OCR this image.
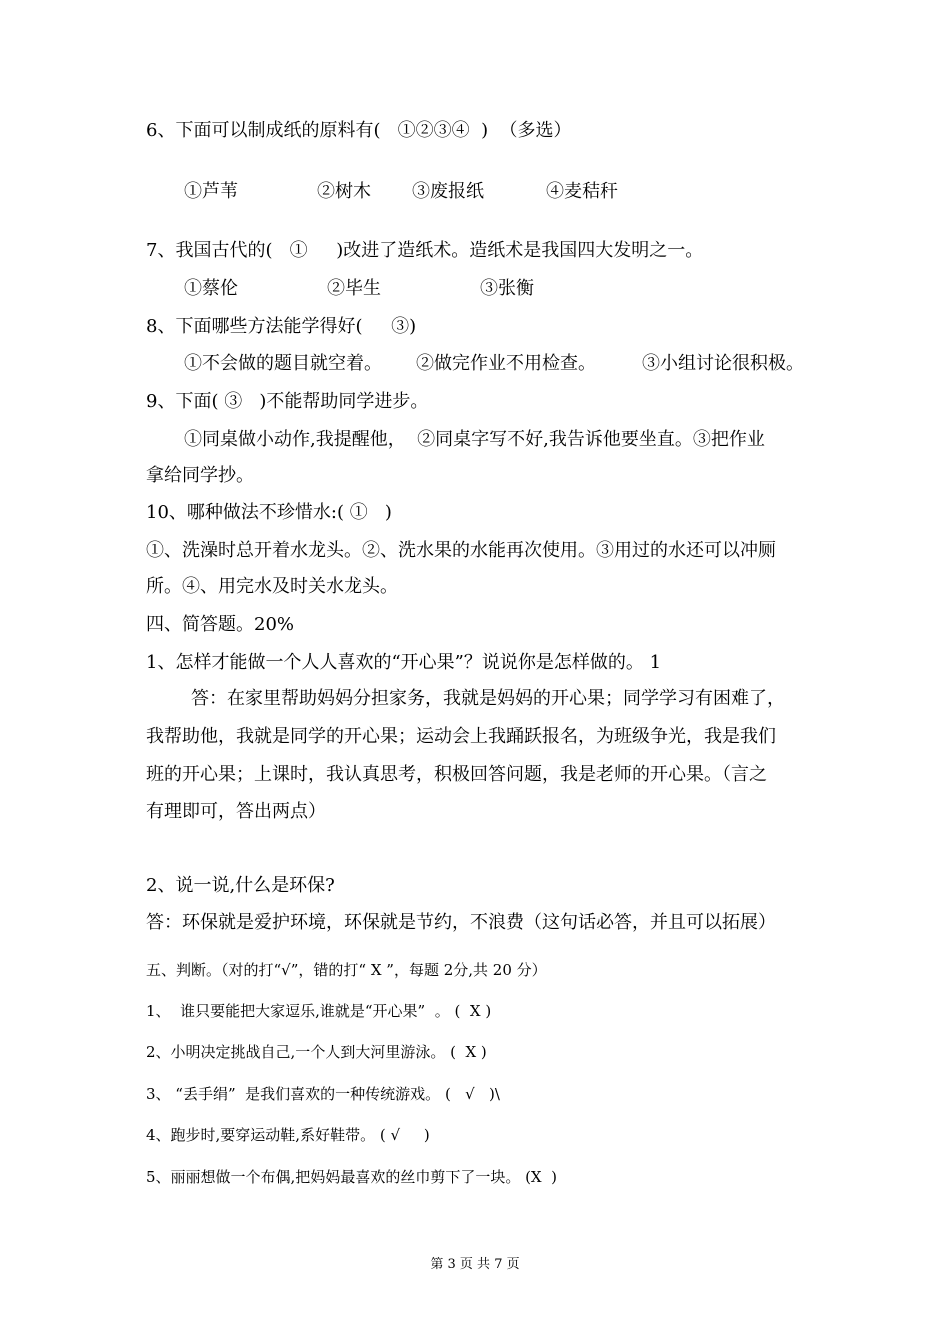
6、下面可以制成纸的原料有(   ①②③④  )  （多选）
①芦苇	②树木 ③废报纸	④麦秸秆
7、我国古代的(   ①     )改进了造纸术。造纸术是我国四大发明之一。
①蔡伦	②毕生	③张衡
8、下面哪些方法能学得好(     ③)
①不会做的题目就空着。 ②做完作业不用检查。	③小组讨论很积极。
9、下面( ③   )不能帮助同学进步。
①同桌做小动作,我提醒他，  ②同桌字写不好,我告诉他要坐直。③把作业
拿给同学抄。
10、哪种做法不珍惜水:( ①   )
①、洗澡时总开着水龙头。②、洗水果的水能再次使用。③用过的水还可以冲厕
所。④、用完水及时关水龙头。
四、简答题。20%
1、怎样才能做一个人人喜欢的“开心果”？说说你是怎样做的。 1
答：在家里帮助妈妈分担家务，我就是妈妈的开心果；同学学习有困难了，
我帮助他，我就是同学的开心果；运动会上我踊跃报名，为班级争光，我是我们
班的开心果；上课时，我认真思考，积极回答问题，我是老师的开心果。（言之
有理即可，答出两点）
2、说一说,什么是环保?
答：环保就是爱护环境，环保就是节约，不浪费（这句话必答，并且可以拓展）
五、判断。（对的打“√”，错的打“ X ”，每题 2分,共 20 分）
1、  谁只要能把大家逗乐,谁就是“开心果”  。 (  X )
2、小明决定挑战自己,一个人到大河里游泳。 (  X )
3、 “丢手绢”  是我们喜欢的一种传统游戏。 (   √   )\
4、跑步时,要穿运动鞋,系好鞋带。 ( √     )
5、丽丽想做一个布偶,把妈妈最喜欢的丝巾剪下了一块。 (X  )
第 3 页 共 7 页
